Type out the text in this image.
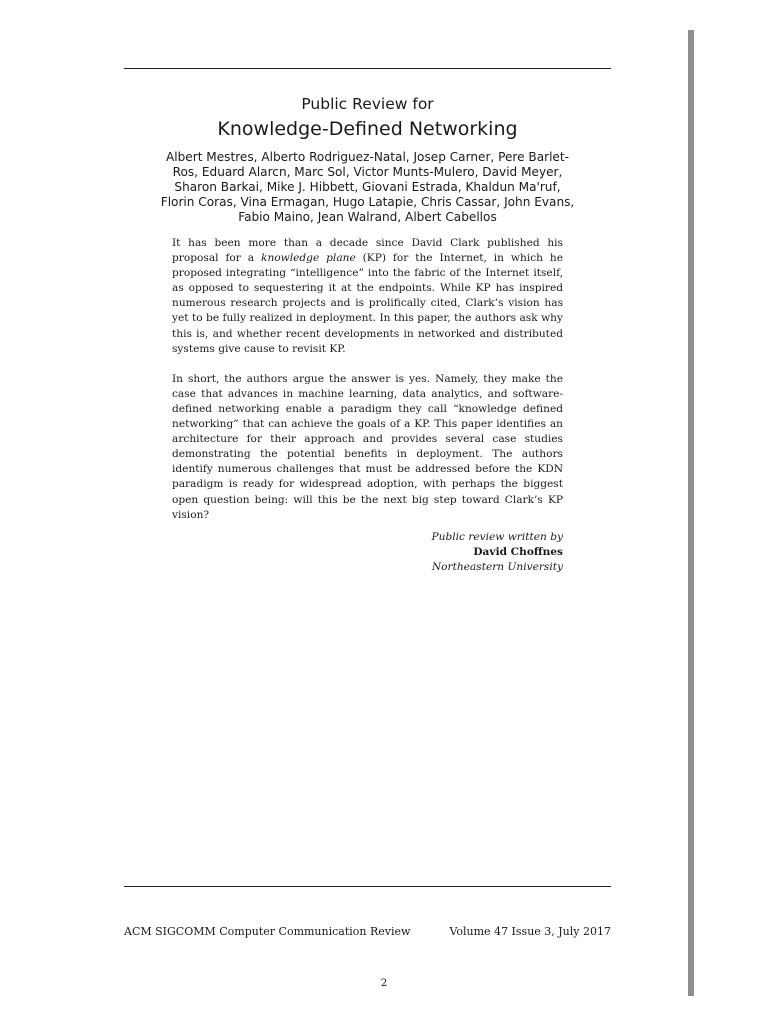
Public Review for

Knowledge-Defined Networking
Albert Mestres, Alberto Rodriguez-Natal, Josep Carner, Pere Barlet-Ros, Eduard Alarcn, Marc Sol, Victor Munts-Mulero, David Meyer, Sharon Barkai, Mike J. Hibbett, Giovani Estrada, Khaldun Ma'ruf, Florin Coras, Vina Ermagan, Hugo Latapie, Chris Cassar, John Evans, Fabio Maino, Jean Walrand, Albert Cabellos

It has been more than a decade since David Clark published his proposal for a knowledge plane (KP) for the Internet, in which he proposed integrating “intelligence” into the fabric of the Internet itself, as opposed to sequestering it at the endpoints. While KP has inspired numerous research projects and is prolifically cited, Clark’s vision has yet to be fully realized in deployment. In this paper, the authors ask why this is, and whether recent developments in networked and distributed systems give cause to revisit KP.

In short, the authors argue the answer is yes. Namely, they make the case that advances in machine learning, data analytics, and software-defined networking enable a paradigm they call “knowledge defined networking” that can achieve the goals of a KP. This paper identifies an architecture for their approach and provides several case studies demonstrating the potential benefits in deployment. The authors identify numerous challenges that must be addressed before the KDN paradigm is ready for widespread adoption, with perhaps the biggest open question being: will this be the next big step toward Clark’s KP vision?

Public review written by
David Choffnes
Northeastern University
ACM SIGCOMM Computer Communication Review	Volume 47 Issue 3, July 2017
2
